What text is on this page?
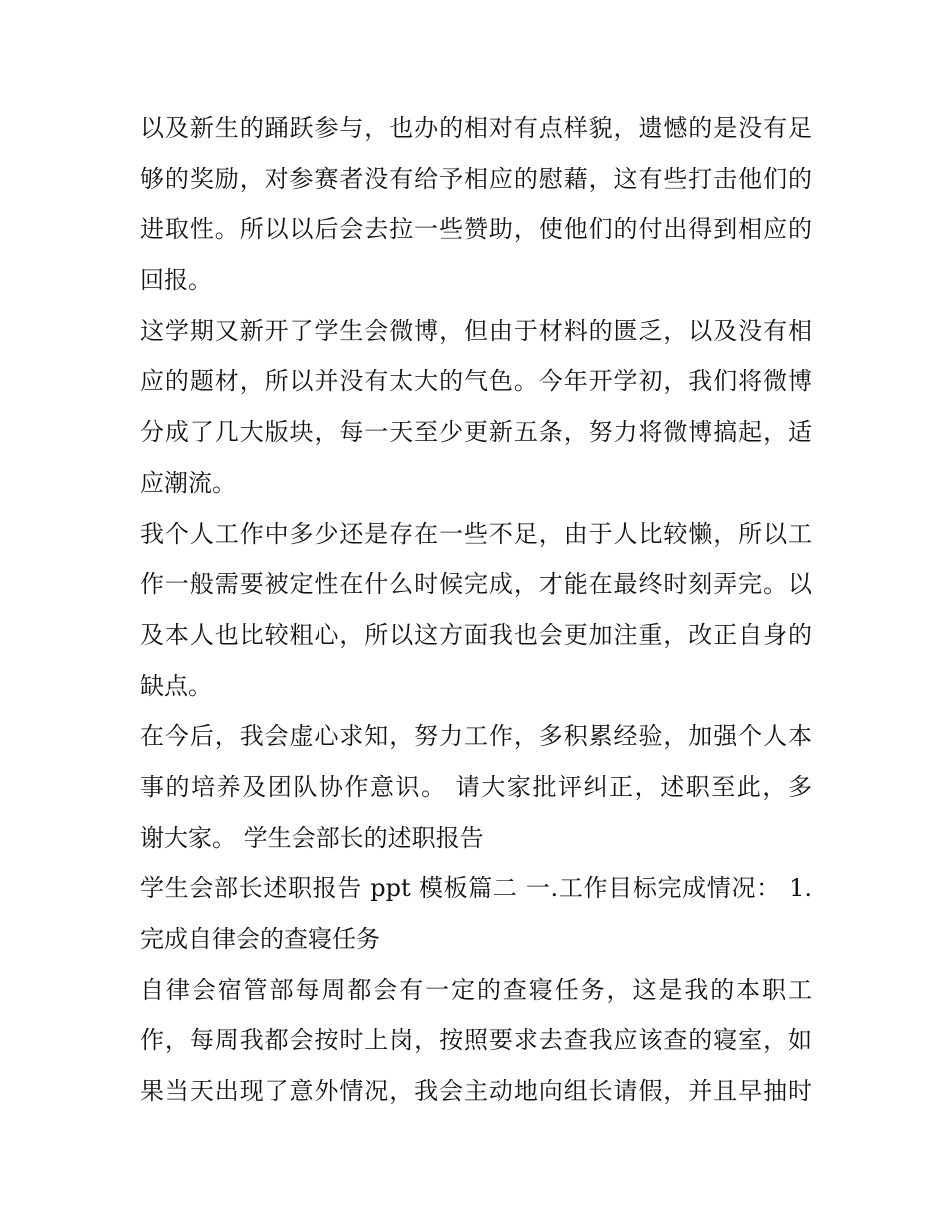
以及新生的踊跃参与，也办的相对有点样貌，遗憾的是没有足
够的奖励，对参赛者没有给予相应的慰藉，这有些打击他们的
进取性。所以以后会去拉一些赞助，使他们的付出得到相应的
回报。
这学期又新开了学生会微博，但由于材料的匮乏，以及没有相
应的题材，所以并没有太大的气色。今年开学初，我们将微博
分成了几大版块，每一天至少更新五条，努力将微博搞起，适
应潮流。
我个人工作中多少还是存在一些不足，由于人比较懒，所以工
作一般需要被定性在什么时候完成，才能在最终时刻弄完。以
及本人也比较粗心，所以这方面我也会更加注重，改正自身的
缺点。
在今后，我会虚心求知，努力工作，多积累经验，加强个人本
事的培养及团队协作意识。 请大家批评纠正，述职至此，多
谢大家。 学生会部长的述职报告
学生会部长述职报告 ppt 模板篇二 一.工作目标完成情况： 1.
完成自律会的查寝任务
自律会宿管部每周都会有一定的查寝任务，这是我的本职工
作，每周我都会按时上岗，按照要求去查我应该查的寝室，如
果当天出现了意外情况，我会主动地向组长请假，并且早抽时
